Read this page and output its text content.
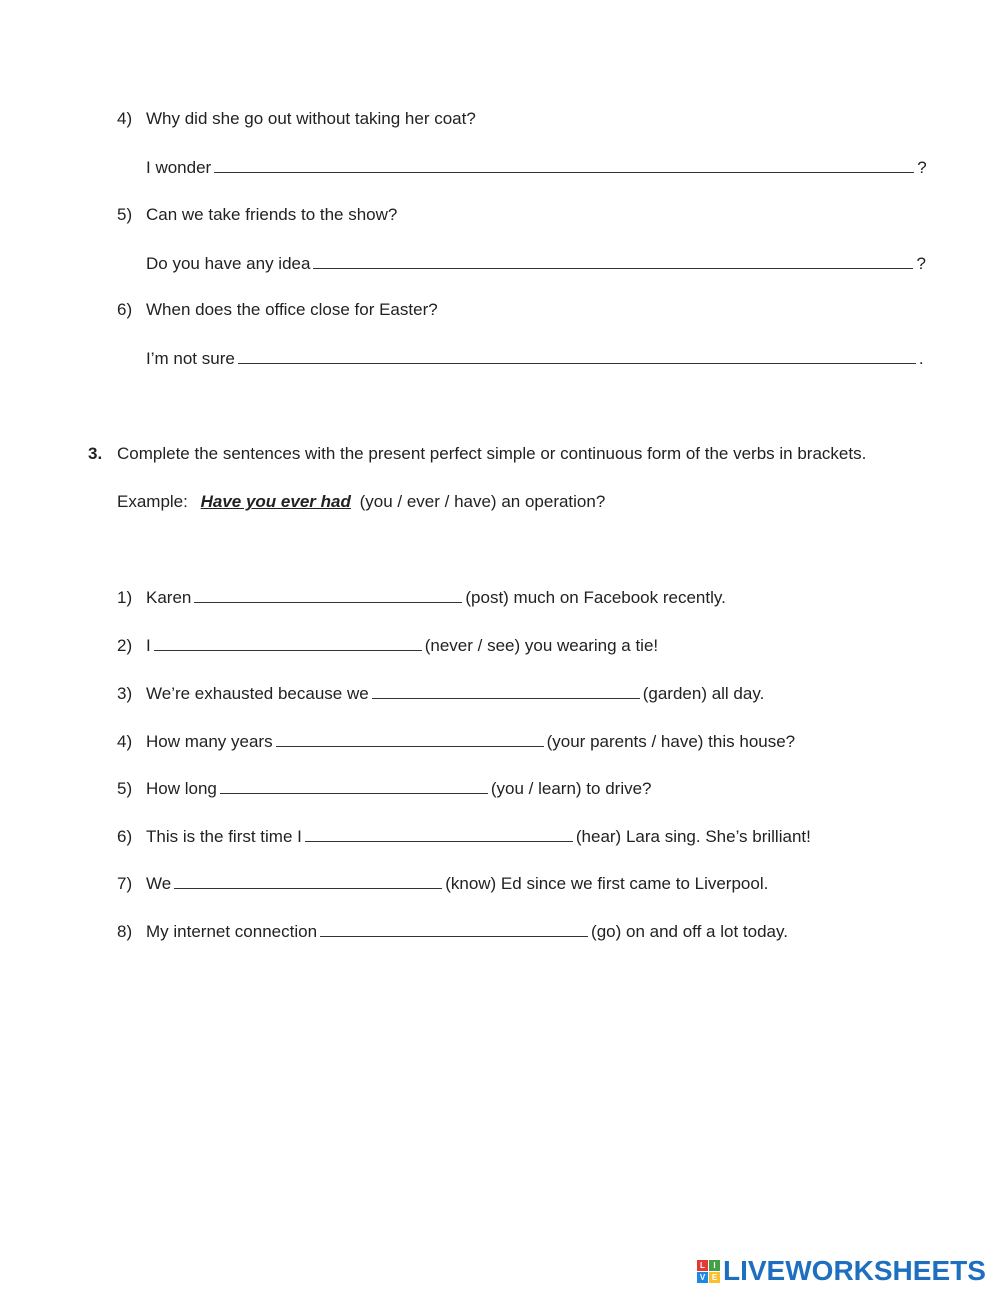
4) Why did she go out without taking her coat?
I wonder	?
5) Can we take friends to the show?
Do you have any idea	?
6) When does the office close for Easter?
I’m not sure	.
3. Complete the sentences with the present perfect simple or continuous form of the verbs in brackets.
Example: Have you ever had (you / ever / have) an operation?
1) Karen	(post) much on Facebook recently.
2) I	(never / see) you wearing a tie!
3) We’re exhausted because we	(garden) all day.
4) How many years	(your parents / have) this house?
5) How long	(you / learn) to drive?
6) This is the first time I	(hear) Lara sing. She’s brilliant!
7) We	(know) Ed since we first came to Liverpool.
8) My internet connection	(go) on and off a lot today.
L	I
V E LIVEWORKSHEETS
